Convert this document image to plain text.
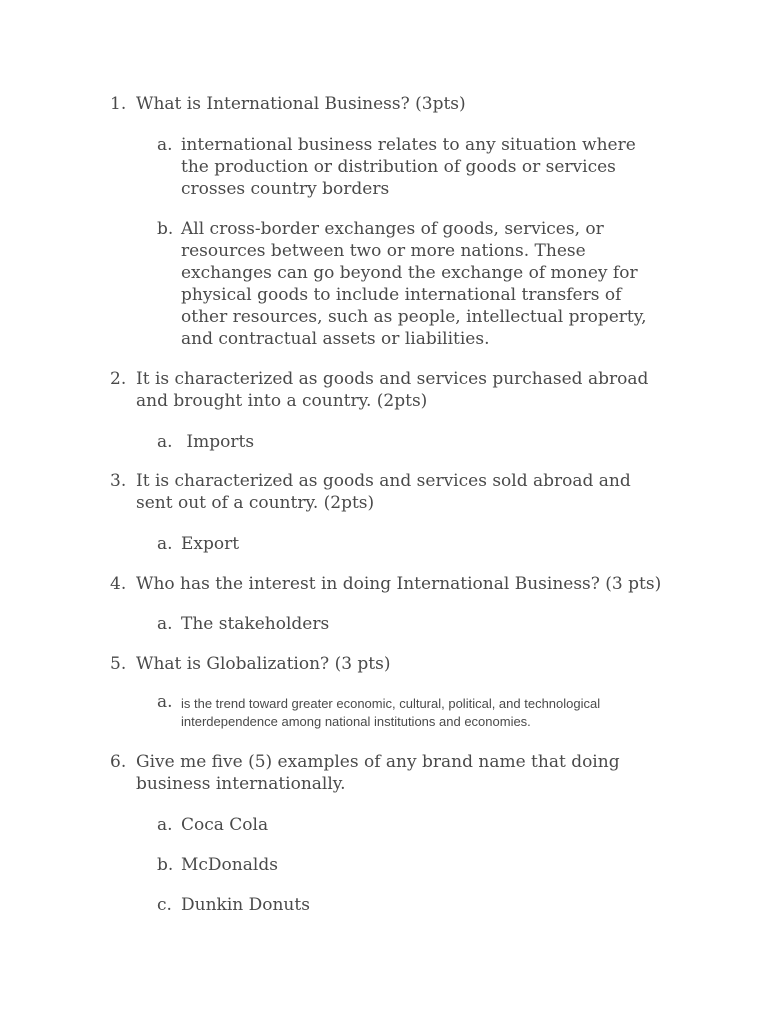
1. What is International Business? (3pts)
a. international business relates to any situation where the production or distribution of goods or services crosses country borders
b. All cross-border exchanges of goods, services, or resources between two or more nations. These exchanges can go beyond the exchange of money for physical goods to include international transfers of other resources, such as people, intellectual property, and contractual assets or liabilities.
2. It is characterized as goods and services purchased abroad and brought into a country. (2pts)
a. Imports
3. It is characterized as goods and services sold abroad and sent out of a country. (2pts)
a. Export
4. Who has the interest in doing International Business? (3 pts)
a. The stakeholders
5. What is Globalization? (3 pts)
a. is the trend toward greater economic, cultural, political, and technological interdependence among national institutions and economies.
6. Give me five (5) examples of any brand name that doing business internationally.
a. Coca Cola
b. McDonalds
c. Dunkin Donuts
